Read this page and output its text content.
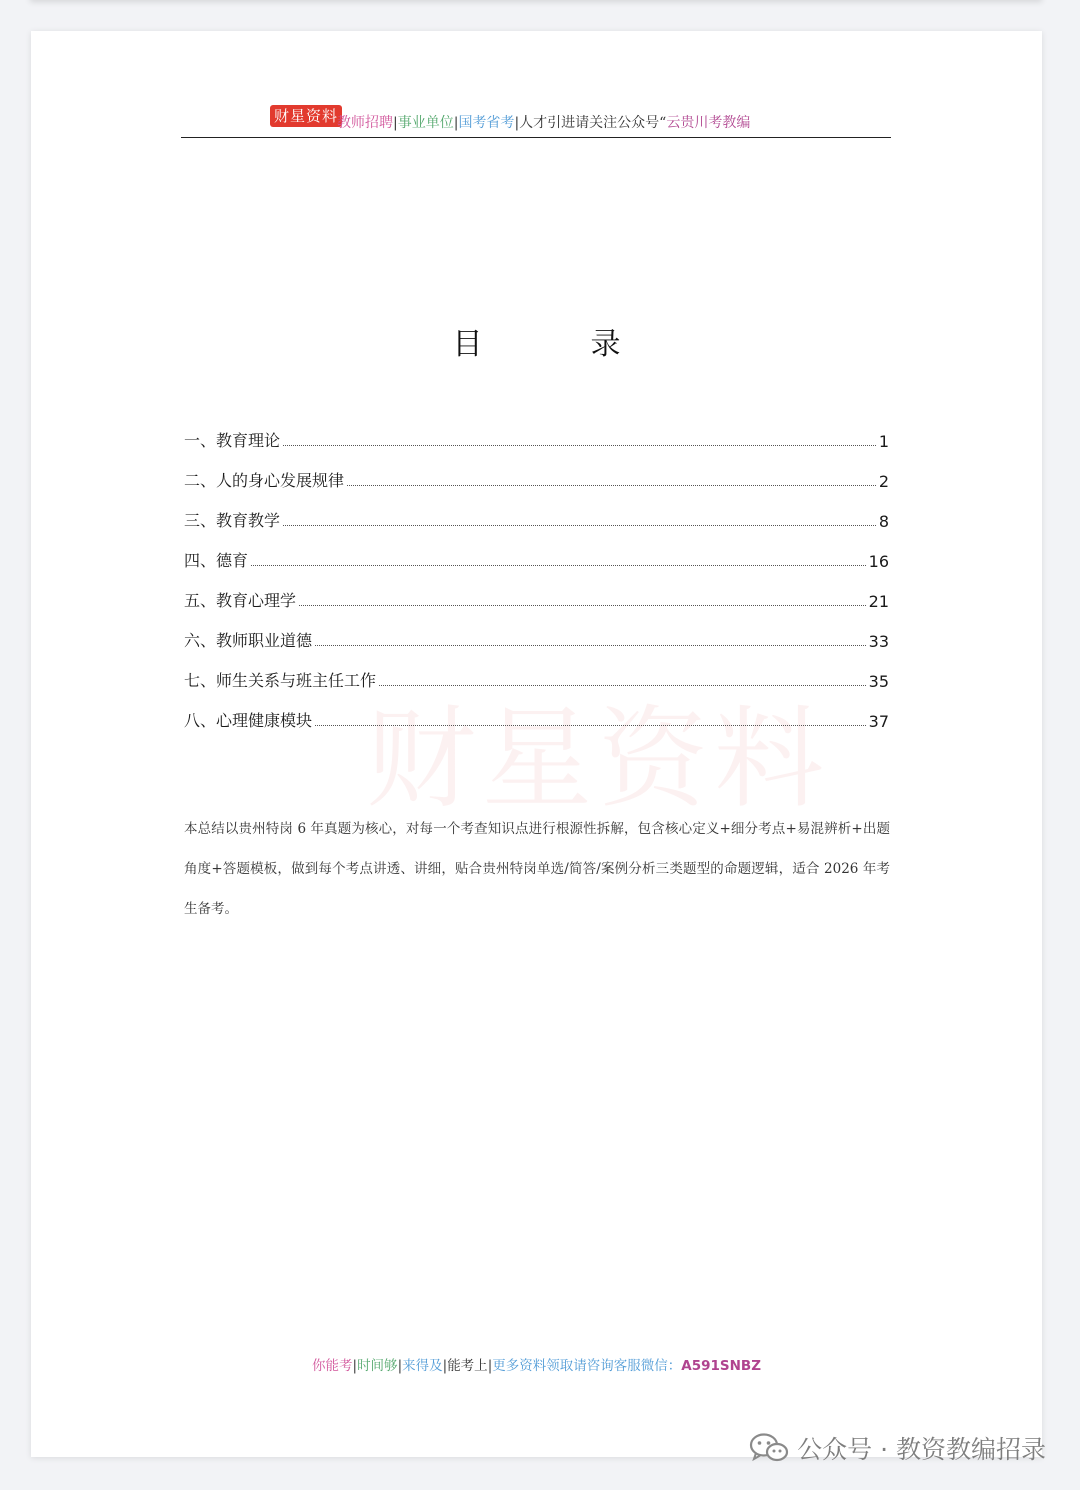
财星资料
教师招聘|事业单位|国考省考|人才引进请关注公众号“云贵川考教编
财星资料
目	录
一、教育理论	1
二、人的身心发展规律	2
三、教育教学	8
四、德育	16
五、教育心理学	21
六、教师职业道德	33
七、师生关系与班主任工作	35
八、心理健康模块	37
本总结以贵州特岗 6 年真题为核心，对每一个考查知识点进行根源性拆解，包含核心定义+细分考点+易混辨析+出题角度+答题模板，做到每个考点讲透、讲细，贴合贵州特岗单选/简答/案例分析三类题型的命题逻辑，适合 2026 年考生备考。
你能考|时间够|来得及|能考上|更多资料领取请咨询客服微信：A591SNBZ
公众号 · 教资教编招录
